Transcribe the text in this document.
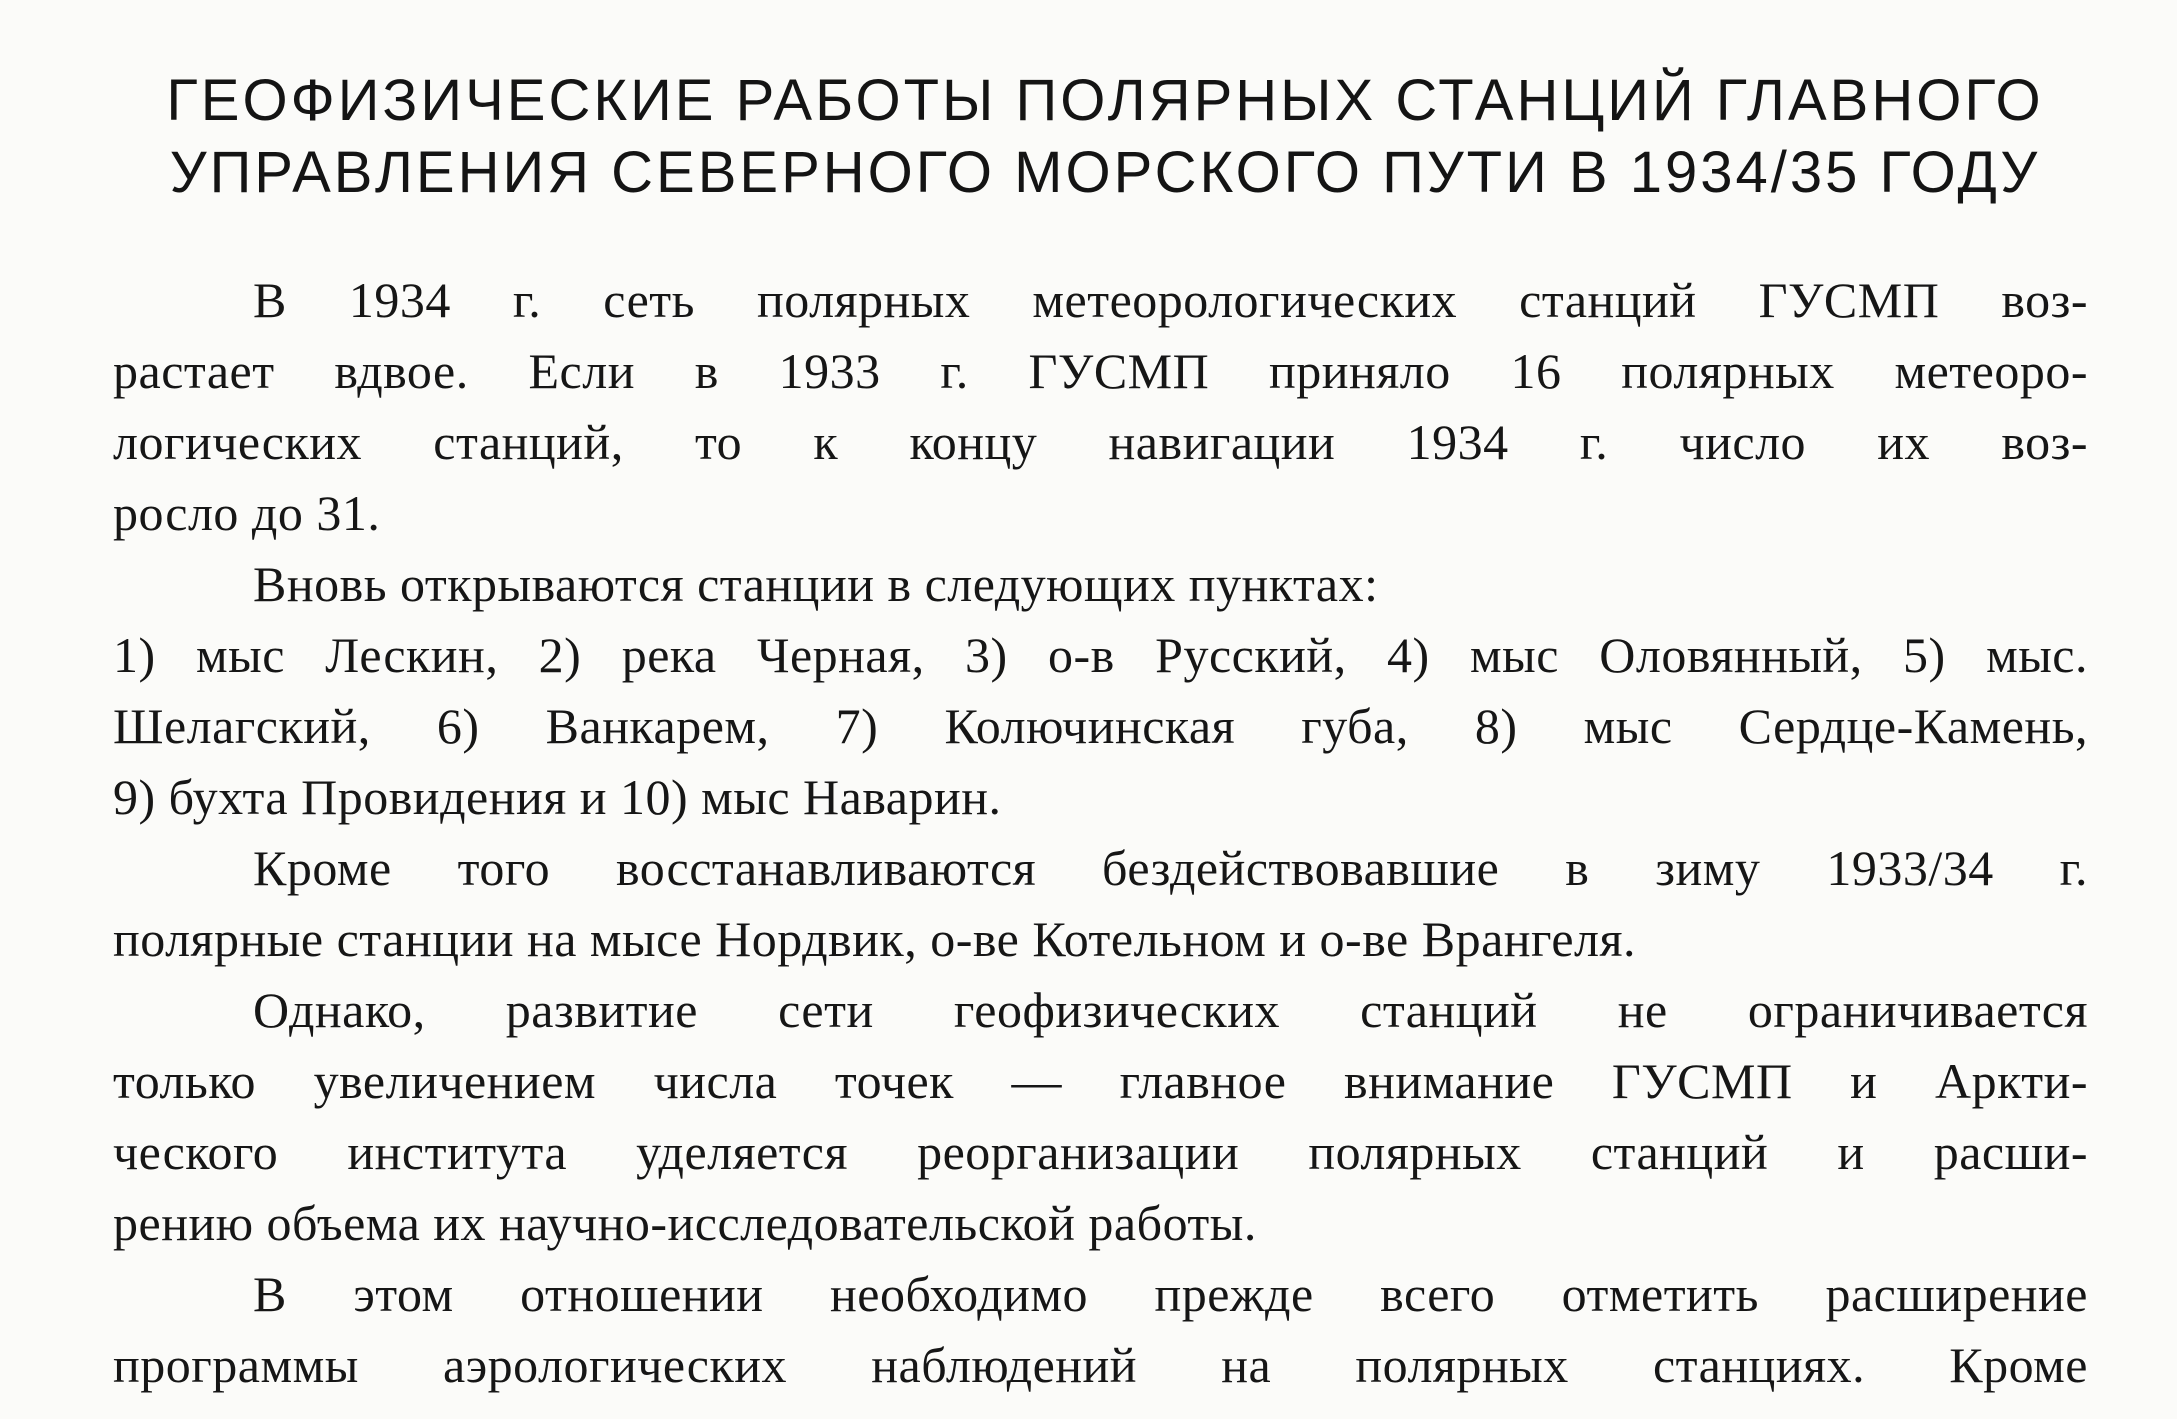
ГЕОФИЗИЧЕСКИЕ РАБОТЫ ПОЛЯРНЫХ СТАНЦИЙ ГЛАВНОГО
УПРАВЛЕНИЯ СЕВЕРНОГО МОРСКОГО ПУТИ В 1934/35 ГОДУ
В 1934 г. сеть полярных метеорологических станций ГУСМП воз-
растает вдвое. Если в 1933 г. ГУСМП приняло 16 полярных метеоро-
логических станций, то к концу навигации 1934 г. число их воз-
росло до 31.
Вновь открываются станции в следующих пунктах:
1) мыс Лескин, 2) река Черная, 3) о-в Русский, 4) мыс Оловянный, 5) мыс.
Шелагский, 6) Ванкарем, 7) Колючинская губа, 8) мыс Сердце-Камень,
9) бухта Провидения и 10) мыс Наварин.
Кроме того восстанавливаются бездействовавшие в зиму 1933/34 г.
полярные станции на мысе Нордвик, о-ве Котельном и о-ве Врангеля.
Однако, развитие сети геофизических станций не ограничивается
только увеличением числа точек — главное внимание ГУСМП и Аркти-
ческого института уделяется реорганизации полярных станций и расши-
рению объема их научно-исследовательской работы.
В этом отношении необходимо прежде всего отметить расширение
программы аэрологических наблюдений на полярных станциях. Кроме
